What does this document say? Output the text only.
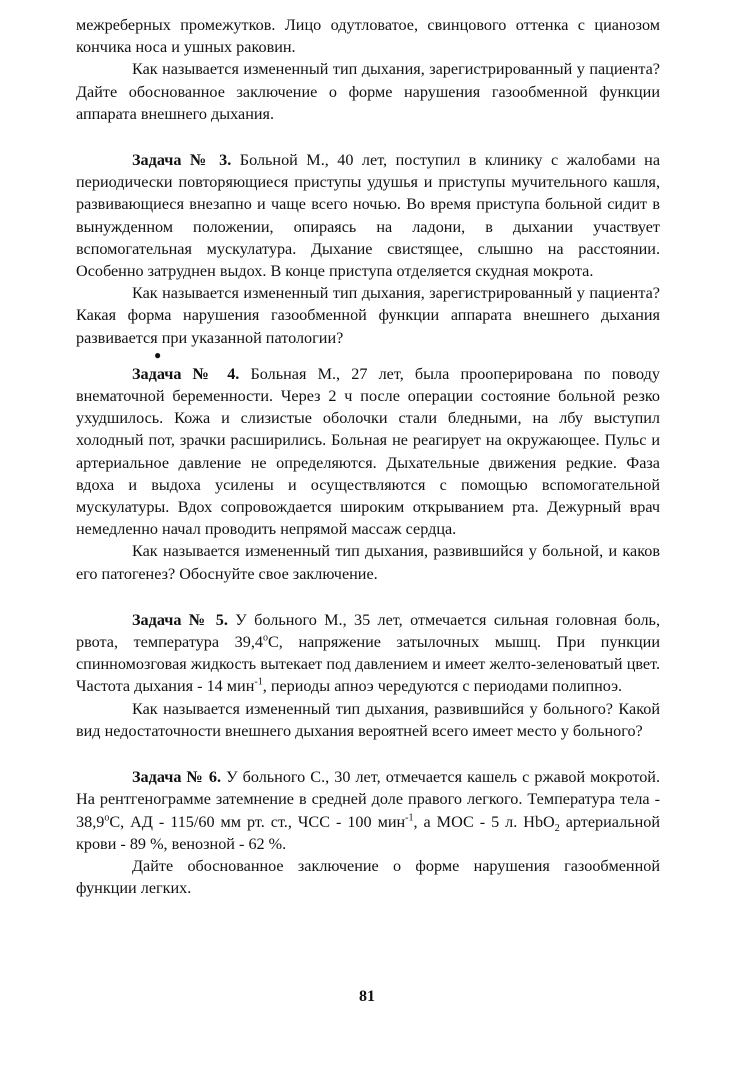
межреберных промежутков. Лицо одутловатое, свинцового оттенка с цианозом кончика носа и ушных раковин.

Как называется измененный тип дыхания, зарегистрированный у пациента? Дайте обоснованное заключение о форме нарушения газообменной функции аппарата внешнего дыхания.

Задача № 3. Больной М., 40 лет, поступил в клинику с жалобами на периодически повторяющиеся приступы удушья и приступы мучительного кашля, развивающиеся внезапно и чаще всего ночью. Во время приступа больной сидит в вынужденном положении, опираясь на ладони, в дыхании участвует вспомогательная мускулатура. Дыхание свистящее, слышно на расстоянии. Особенно затруднен выдох. В конце приступа отделяется скудная мокрота.

Как называется измененный тип дыхания, зарегистрированный у пациента? Какая форма нарушения газообменной функции аппарата внешнего дыхания развивается при указанной патологии?

●

Задача № 4. Больная М., 27 лет, была прооперирована по поводу внематочной беременности. Через 2 ч после операции состояние больной резко ухудшилось. Кожа и слизистые оболочки стали бледными, на лбу выступил холодный пот, зрачки расширились. Больная не реагирует на окружающее. Пульс и артериальное давление не определяются. Дыхательные движения редкие. Фаза вдоха и выдоха усилены и осуществляются с помощью вспомогательной мускулатуры. Вдох сопровождается широким открыванием рта. Дежурный врач немедленно начал проводить непрямой массаж сердца.

Как называется измененный тип дыхания, развившийся у больной, и каков его патогенез? Обоснуйте свое заключение.

Задача № 5. У больного М., 35 лет, отмечается сильная головная боль, рвота, температура $39,4^оС$, напряжение затылочных мышц. При пункции спинномозговая жидкость вытекает под давлением и имеет желто-зеленоватый цвет. Частота дыхания - 14 мин$^{-1}$, периоды апноэ чередуются с периодами полипноэ.

Как называется измененный тип дыхания, развившийся у больного? Какой вид недостаточности внешнего дыхания вероятней всего имеет место у больного?

Задача № 6. У больного С., 30 лет, отмечается кашель с ржавой мокротой. На рентгенограмме затемнение в средней доле правого легкого. Температура тела - $38,9^оС$, АД - 115/60 мм рт. ст., ЧСС - 100 мин$^{-1}$, а МОС - 5 л. HbO$_2$ артериальной крови - 89 %, венозной - 62 %.

Дайте обоснованное заключение о форме нарушения газообменной функции легких.

81
